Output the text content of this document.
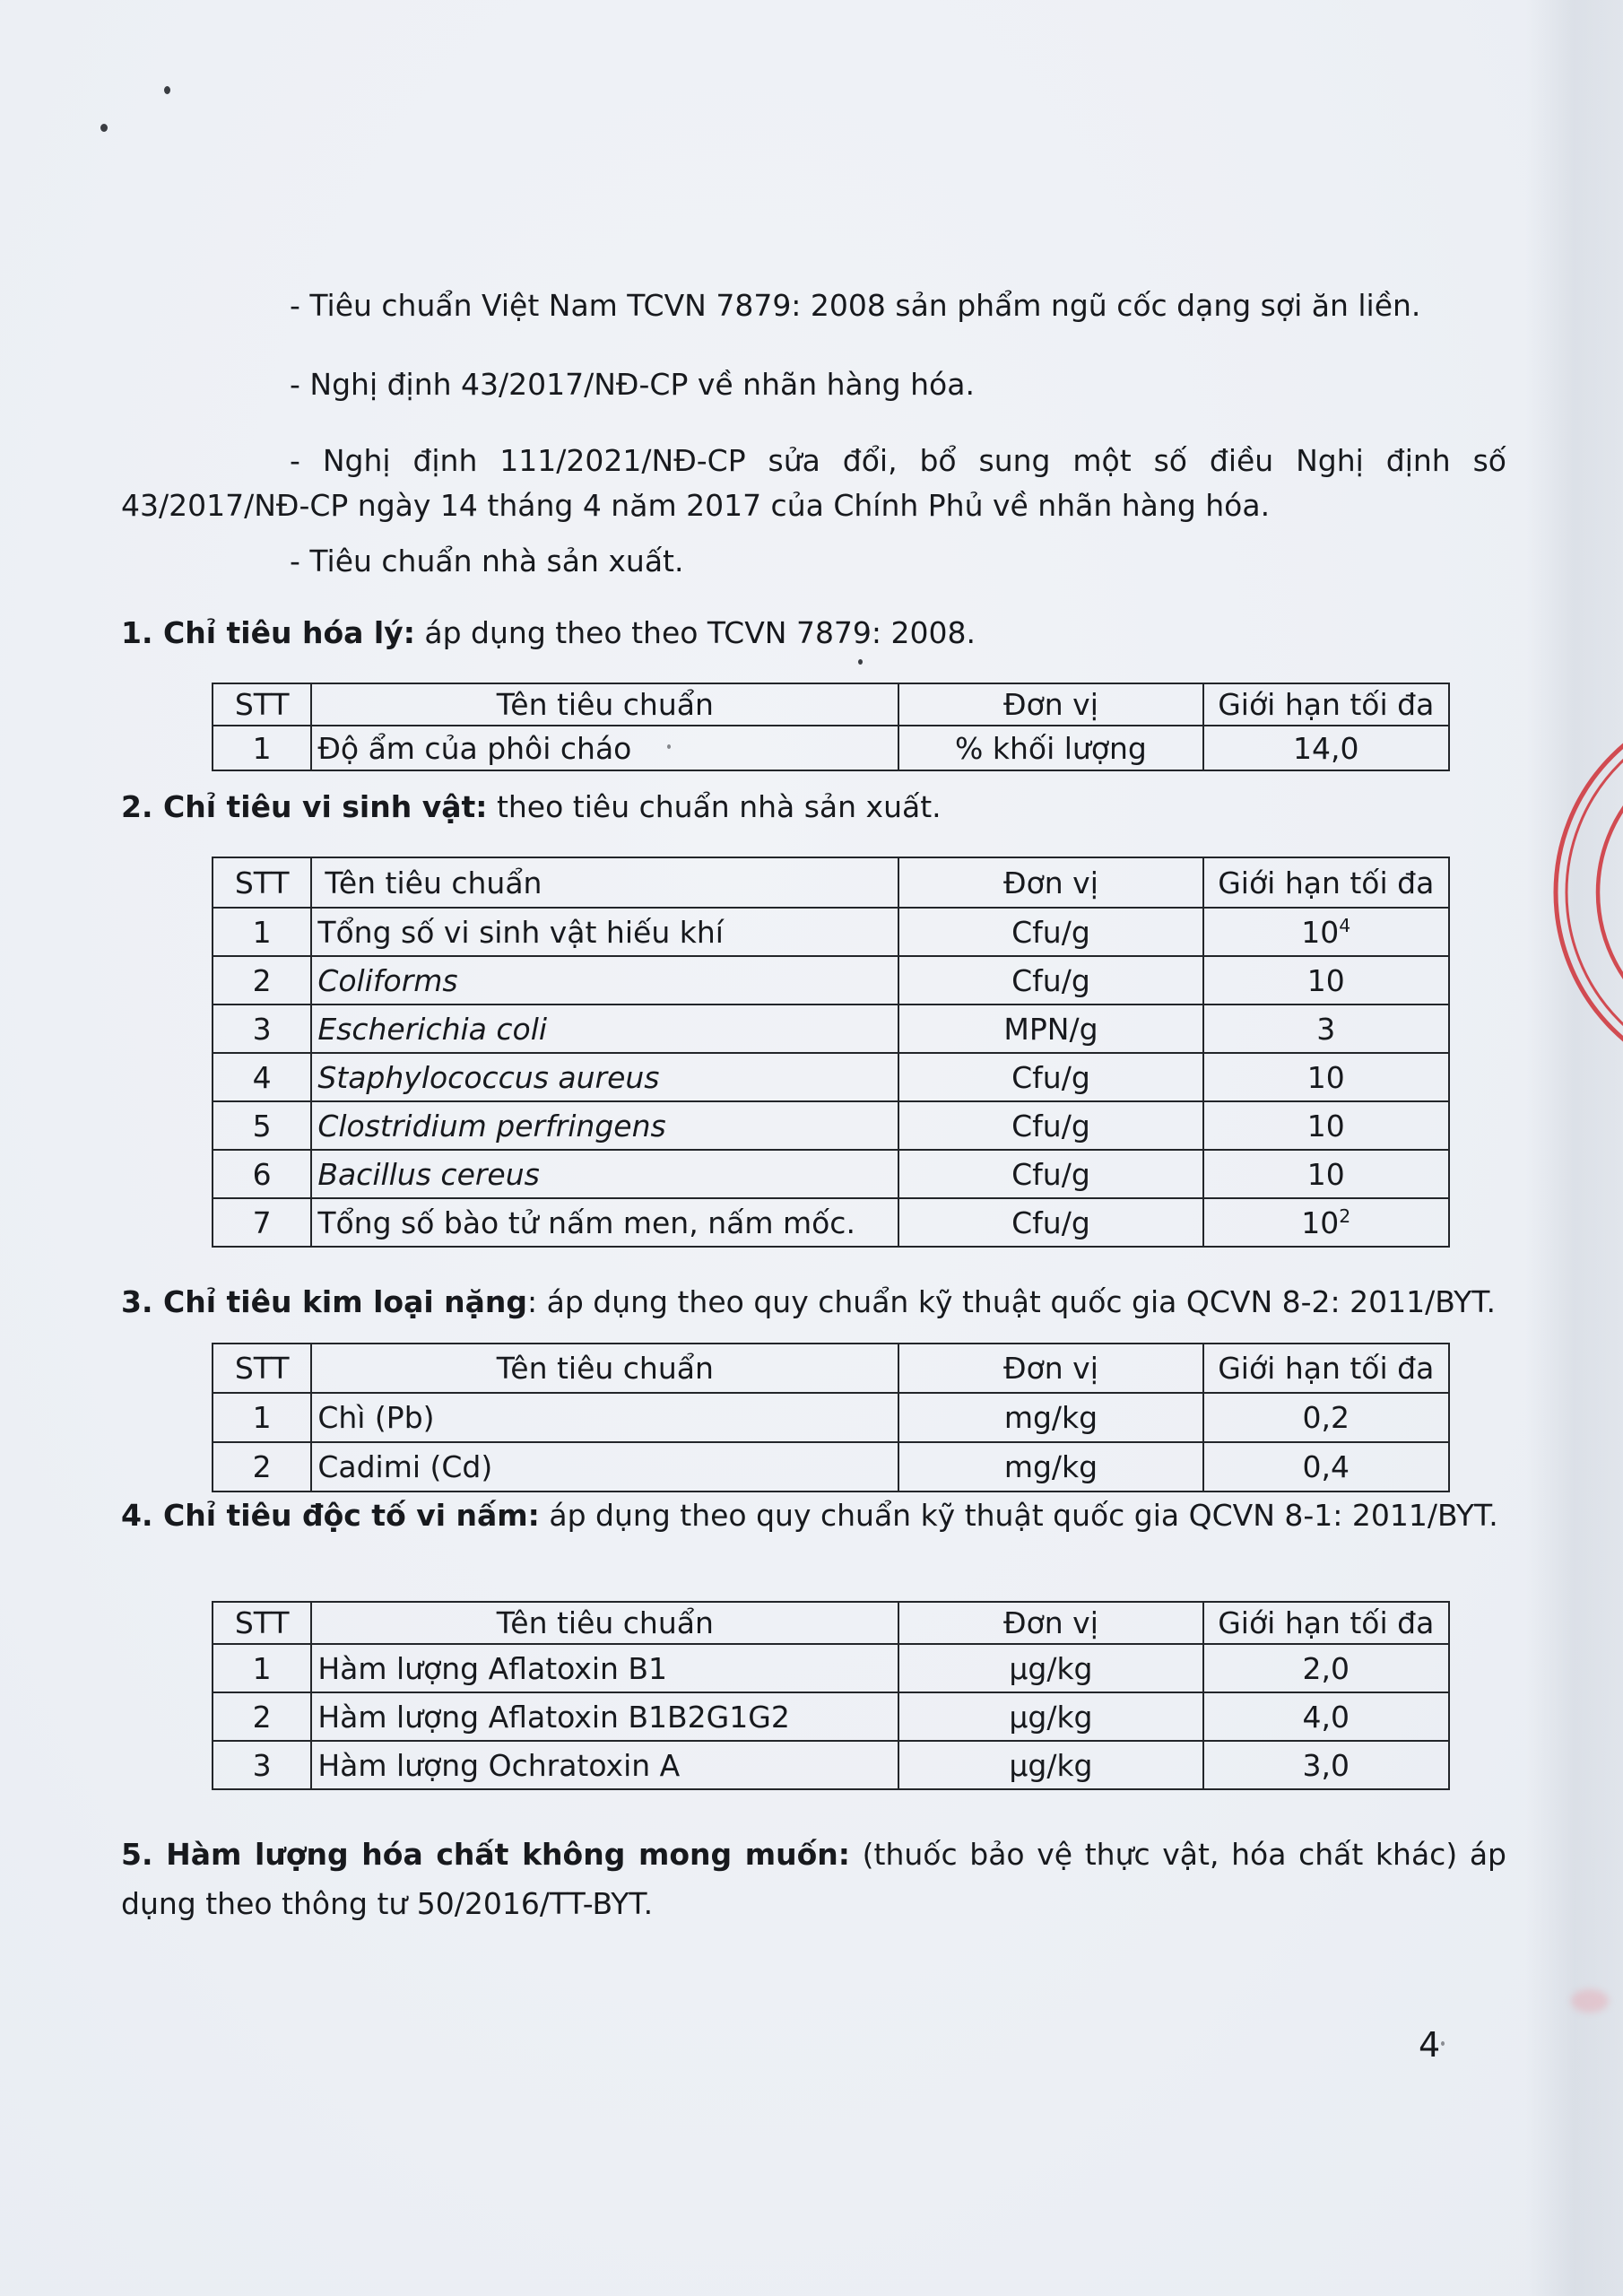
- Tiêu chuẩn Việt Nam TCVN 7879: 2008 sản phẩm ngũ cốc dạng sợi ăn liền.

- Nghị định 43/2017/NĐ-CP về nhãn hàng hóa.

- Nghị định 111/2021/NĐ-CP sửa đổi, bổ sung một số điều Nghị định số 43/2017/NĐ-CP ngày 14 tháng 4 năm 2017 của Chính Phủ về nhãn hàng hóa.

- Tiêu chuẩn nhà sản xuất.

1. Chỉ tiêu hóa lý: áp dụng theo theo TCVN 7879: 2008.
STT	Tên tiêu chuẩn	Đơn vị	Giới hạn tối đa
1	Độ ẩm của phôi cháo	% khối lượng	14,0
2. Chỉ tiêu vi sinh vật: theo tiêu chuẩn nhà sản xuất.
STT	Tên tiêu chuẩn	Đơn vị	Giới hạn tối đa
1	Tổng số vi sinh vật hiếu khí	Cfu/g	$10^4$
2	Coliforms	Cfu/g	10
3	Escherichia coli	MPN/g	3
4	Staphylococcus aureus	Cfu/g	10
5	Clostridium perfringens	Cfu/g	10
6	Bacillus cereus	Cfu/g	10
7	Tổng số bào tử nấm men, nấm mốc.	Cfu/g	$10^2$
3. Chỉ tiêu kim loại nặng: áp dụng theo quy chuẩn kỹ thuật quốc gia QCVN 8-2: 2011/BYT.
STT	Tên tiêu chuẩn	Đơn vị	Giới hạn tối đa
1	Chì (Pb)	mg/kg	0,2
2	Cadimi (Cd)	mg/kg	0,4
4. Chỉ tiêu độc tố vi nấm: áp dụng theo quy chuẩn kỹ thuật quốc gia QCVN 8-1: 2011/BYT.
STT	Tên tiêu chuẩn	Đơn vị	Giới hạn tối đa
1	Hàm lượng Aflatoxin B1	µg/kg	2,0
2	Hàm lượng Aflatoxin B1B2G1G2	µg/kg	4,0
3	Hàm lượng Ochratoxin A	µg/kg	3,0
5. Hàm lượng hóa chất không mong muốn: (thuốc bảo vệ thực vật, hóa chất khác) áp dụng theo thông tư 50/2016/TT-BYT.
4
